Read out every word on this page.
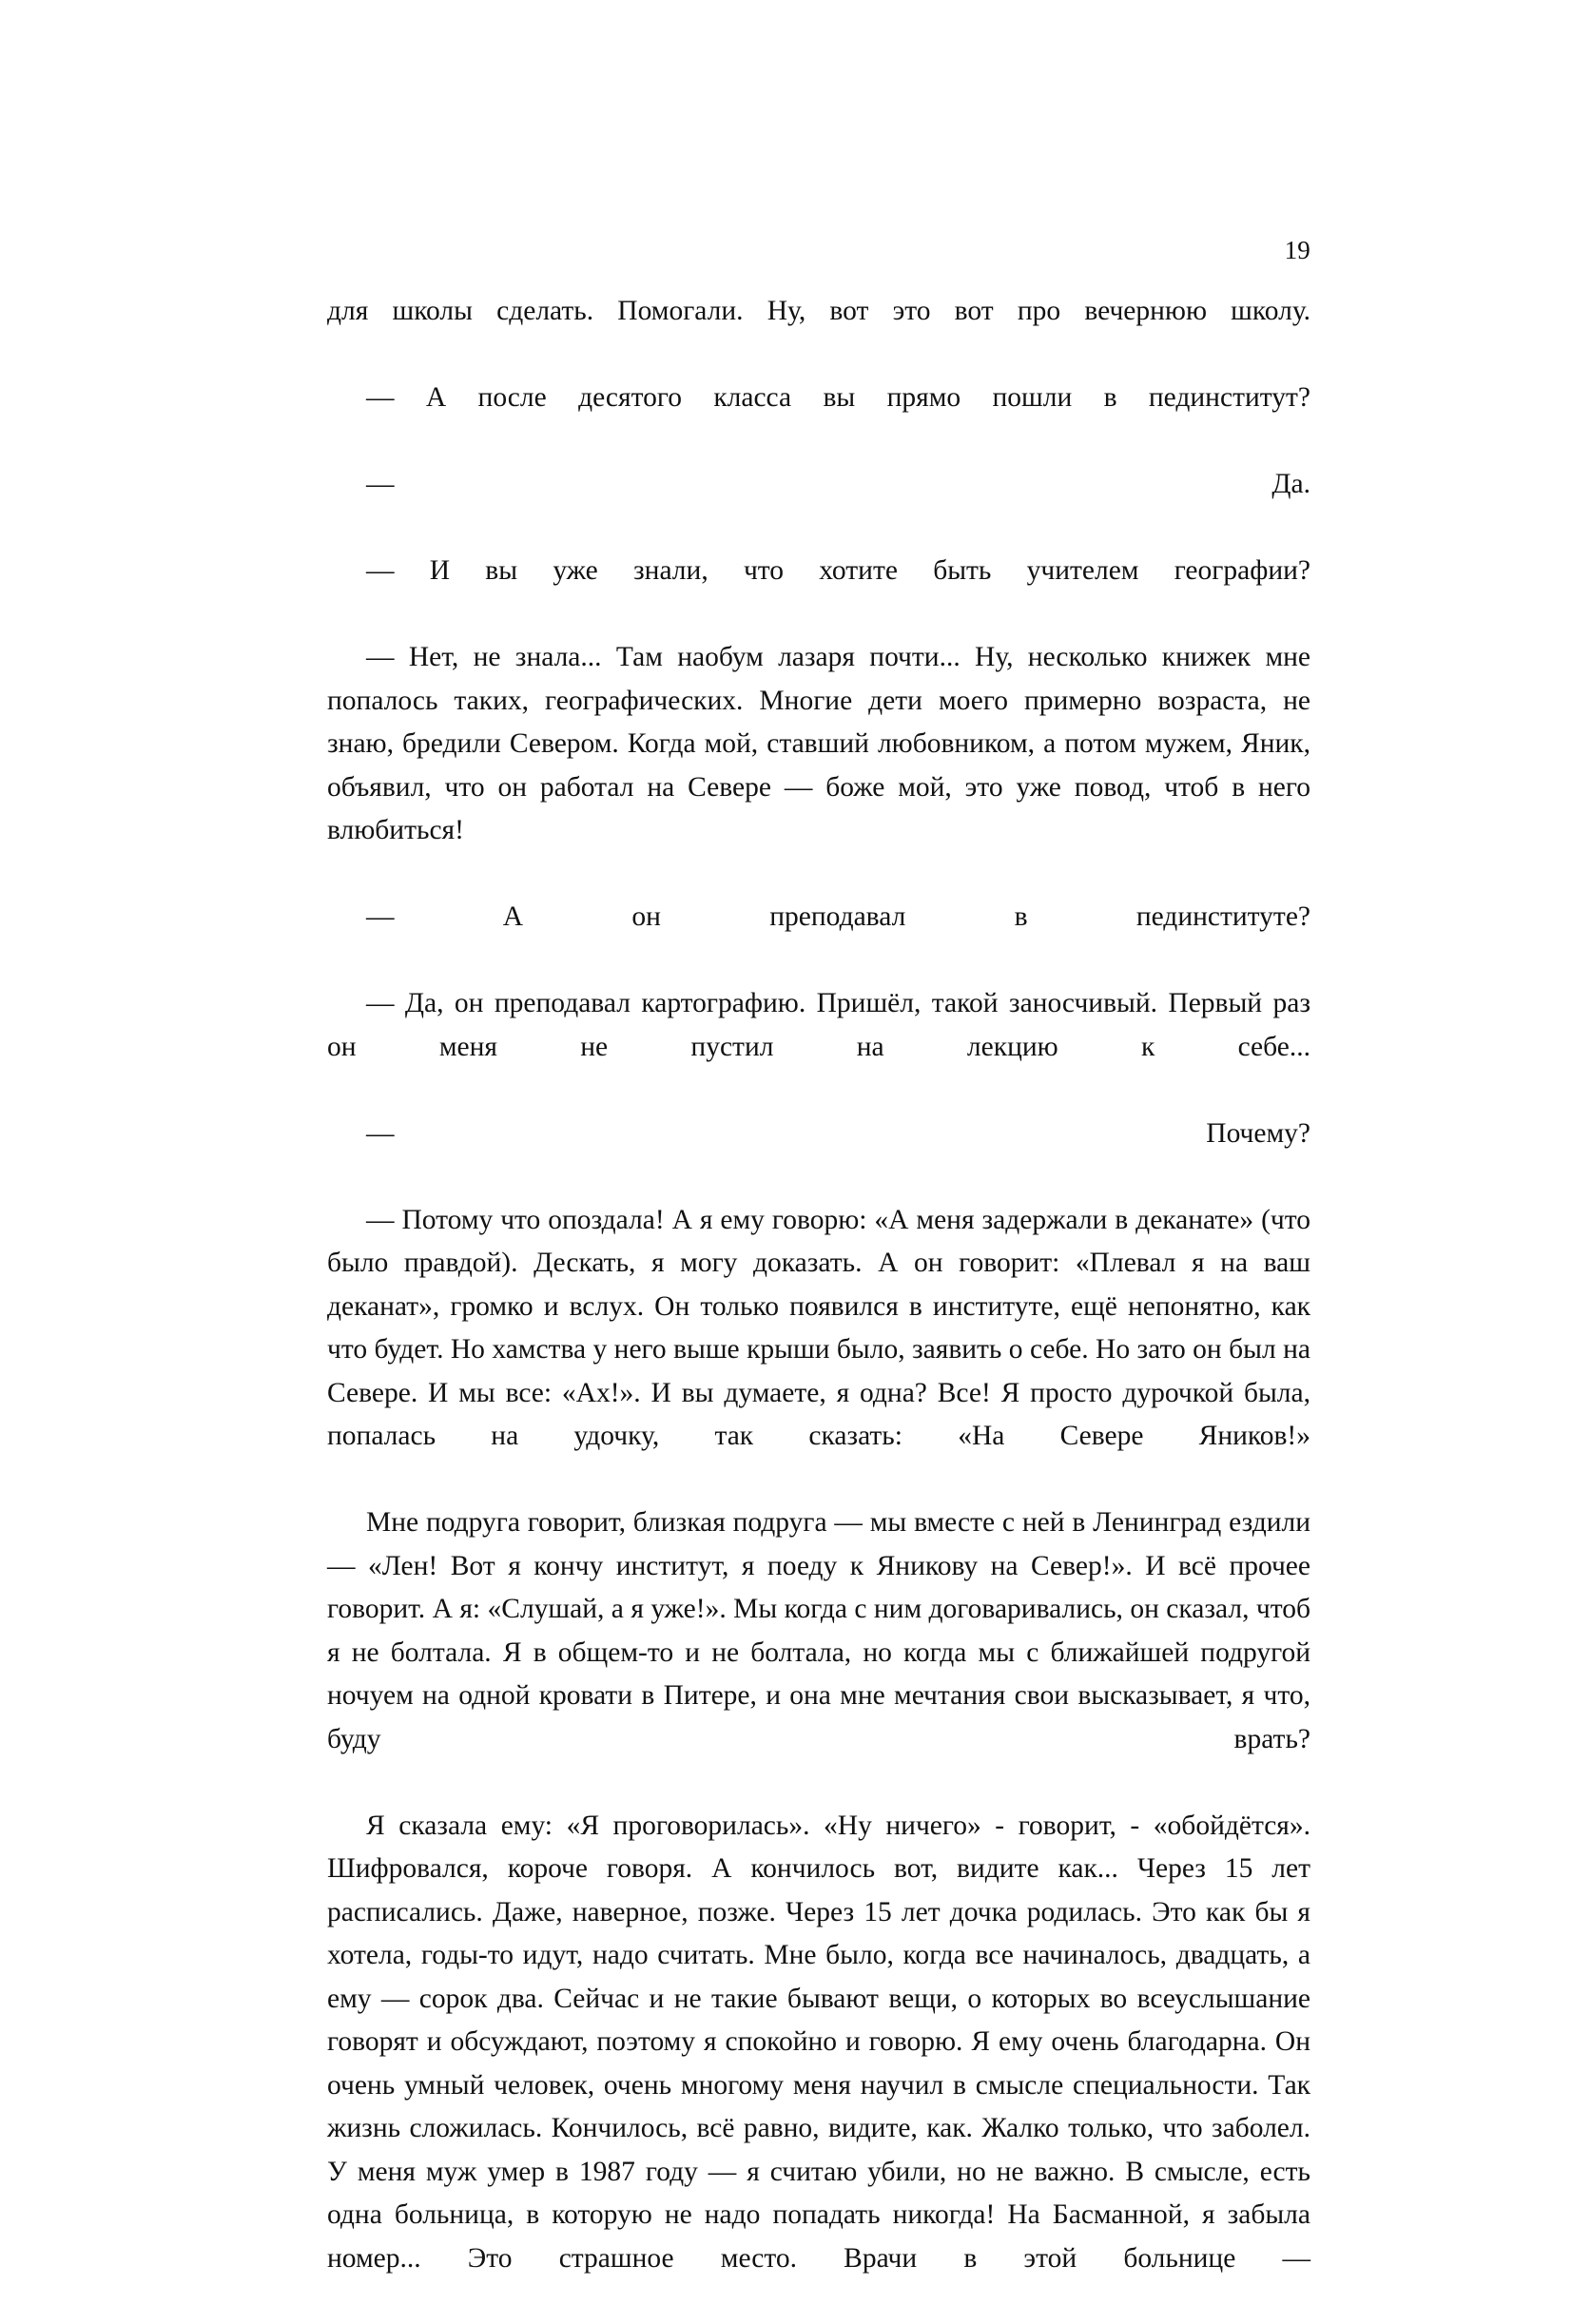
19

для школы сделать. Помогали. Ну, вот это вот про вечернюю школу.

— А после десятого класса вы прямо пошли в пединститут?

— Да.

— И вы уже знали, что хотите быть учителем географии?

— Нет, не знала... Там наобум лазаря почти... Ну, несколько книжек мне попалось таких, географических. Многие дети моего примерно возраста, не знаю, бредили Севером. Когда мой, ставший любовником, а потом мужем, Яник, объявил, что он работал на Севере — боже мой, это уже повод, чтоб в него влюбиться!

— А он преподавал в пединституте?

— Да, он преподавал картографию. Пришёл, такой заносчивый. Первый раз он меня не пустил на лекцию к себе...

— Почему?

— Потому что опоздала! А я ему говорю: «А меня задержали в деканате» (что было правдой). Дескать, я могу доказать. А он говорит: «Плевал я на ваш деканат», громко и вслух. Он только появился в институте, ещё непонятно, как что будет. Но хамства у него выше крыши было, заявить о себе. Но зато он был на Севере. И мы все: «Ах!». И вы думаете, я одна? Все! Я просто дурочкой была, попалась на удочку, так сказать: «На Севере Яников!»

Мне подруга говорит, близкая подруга — мы вместе с ней в Ленинград ездили — «Лен! Вот я кончу институт, я поеду к Яникову на Север!». И всё прочее говорит. А я: «Слушай, а я уже!». Мы когда с ним договаривались, он сказал, чтоб я не болтала. Я в общем-то и не болтала, но когда мы с ближайшей подругой ночуем на одной кровати в Питере, и она мне мечтания свои высказывает, я что, буду врать?

Я сказала ему: «Я проговорилась». «Ну ничего» - говорит, - «обойдётся». Шифровался, короче говоря. А кончилось вот, видите как... Через 15 лет расписались. Даже, наверное, позже. Через 15 лет дочка родилась. Это как бы я хотела, годы-то идут, надо считать. Мне было, когда все начиналось, двадцать, а ему — сорок два. Сейчас и не такие бывают вещи, о которых во всеуслышание говорят и обсуждают, поэтому я спокойно и говорю. Я ему очень благодарна. Он очень умный человек, очень многому меня научил в смысле специальности. Так жизнь сложилась. Кончилось, всё равно, видите, как. Жалко только, что заболел. У меня муж умер в 1987 году — я считаю убили, но не важно. В смысле, есть одна больница, в которую не надо попадать никогда! На Басманной, я забыла номер... Это страшное место. Врачи в этой больнице —
